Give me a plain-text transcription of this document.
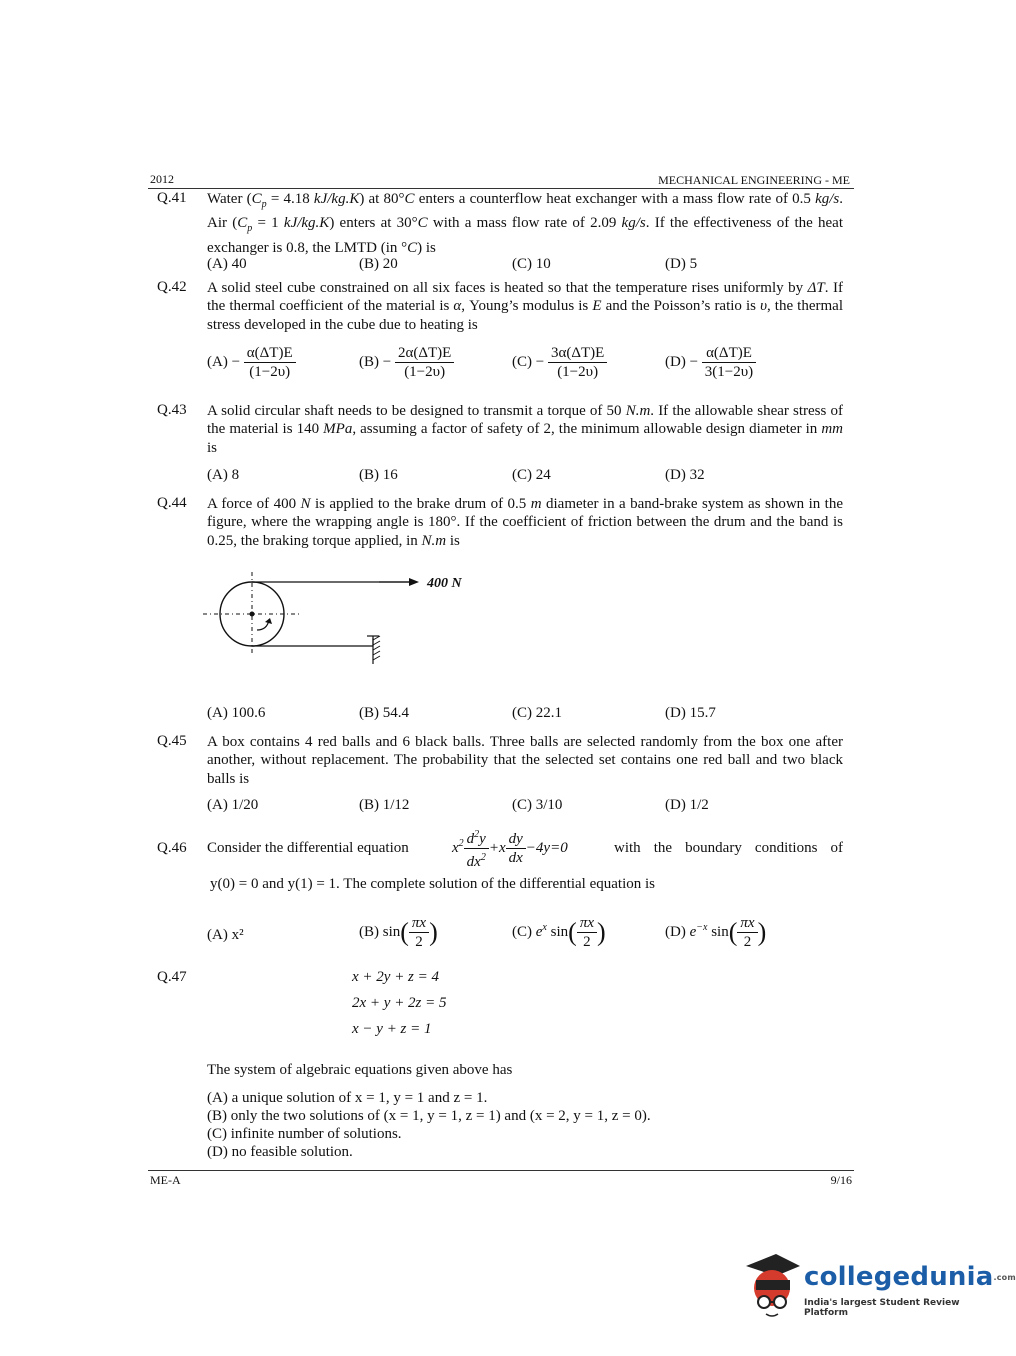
2012	MECHANICAL ENGINEERING - ME
Q.41 Water ($C_p = 4.18$ kJ/kg.K) at 80°C enters a counterflow heat exchanger with a mass flow rate of 0.5 kg/s. Air ($C_p = 1$ kJ/kg.K) enters at 30°C with a mass flow rate of 2.09 kg/s. If the effectiveness of the heat exchanger is 0.8, the LMTD (in °C) is
(A) 40	(B) 20	(C) 10	(D) 5
Q.42 A solid steel cube constrained on all six faces is heated so that the temperature rises uniformly by ΔT. If the thermal coefficient of the material is α, Young’s modulus is E and the Poisson’s ratio is υ, the thermal stress developed in the cube due to heating is
$(A) - \frac{\alpha(\Delta T)E}{(1-2\upsilon)}$	$(B) - \frac{2\alpha(\Delta T)E}{(1-2\upsilon)}$	$(C) - \frac{3\alpha(\Delta T)E}{(1-2\upsilon)}$	$(D) - \frac{\alpha(\Delta T)E}{3(1-2\upsilon)}$
Q.43 A solid circular shaft needs to be designed to transmit a torque of 50 N.m. If the allowable shear stress of the material is 140 MPa, assuming a factor of safety of 2, the minimum allowable design diameter in mm is
(A) 8	(B) 16	(C) 24	(D) 32
Q.44 A force of 400 N is applied to the brake drum of 0.5 m diameter in a band-brake system as shown in the figure, where the wrapping angle is 180°. If the coefficient of friction between the drum and the band is 0.25, the braking torque applied, in N.m is
400 N
(A) 100.6	(B) 54.4	(C) 22.1	(D) 15.7
Q.45 A box contains 4 red balls and 6 black balls. Three balls are selected randomly from the box one after another, without replacement. The probability that the selected set contains one red ball and two black balls is
(A) 1/20	(B) 1/12	(C) 3/10	(D) 1/2
Q.46 Consider the differential equation	$x^2 \frac{d^2y}{dx^2} +x \frac{dy}{dx} -4y=0$	with the boundary conditions of
y(0) = 0 and y(1) = 1. The complete solution of the differential equation is
(A) x²	(B) $\sin( \frac{\pi x}{2}$ )	(C) $e^x$ $\sin( \frac{\pi x}{2}$ )	(D) $e^{-x}$ $\sin( \frac{\pi x}{2}$ )
Q.47	x + 2y + z = 4
2x + y + 2z = 5
x − y + z = 1
The system of algebraic equations given above has
(A) a unique solution of x = 1, y = 1 and z = 1.
(B) only the two solutions of (x = 1, y = 1, z = 1) and (x = 2, y = 1, z = 0).
(C) infinite number of solutions.
(D) no feasible solution.
ME-A	9/16
collegedunia.com
India's largest Student Review Platform
